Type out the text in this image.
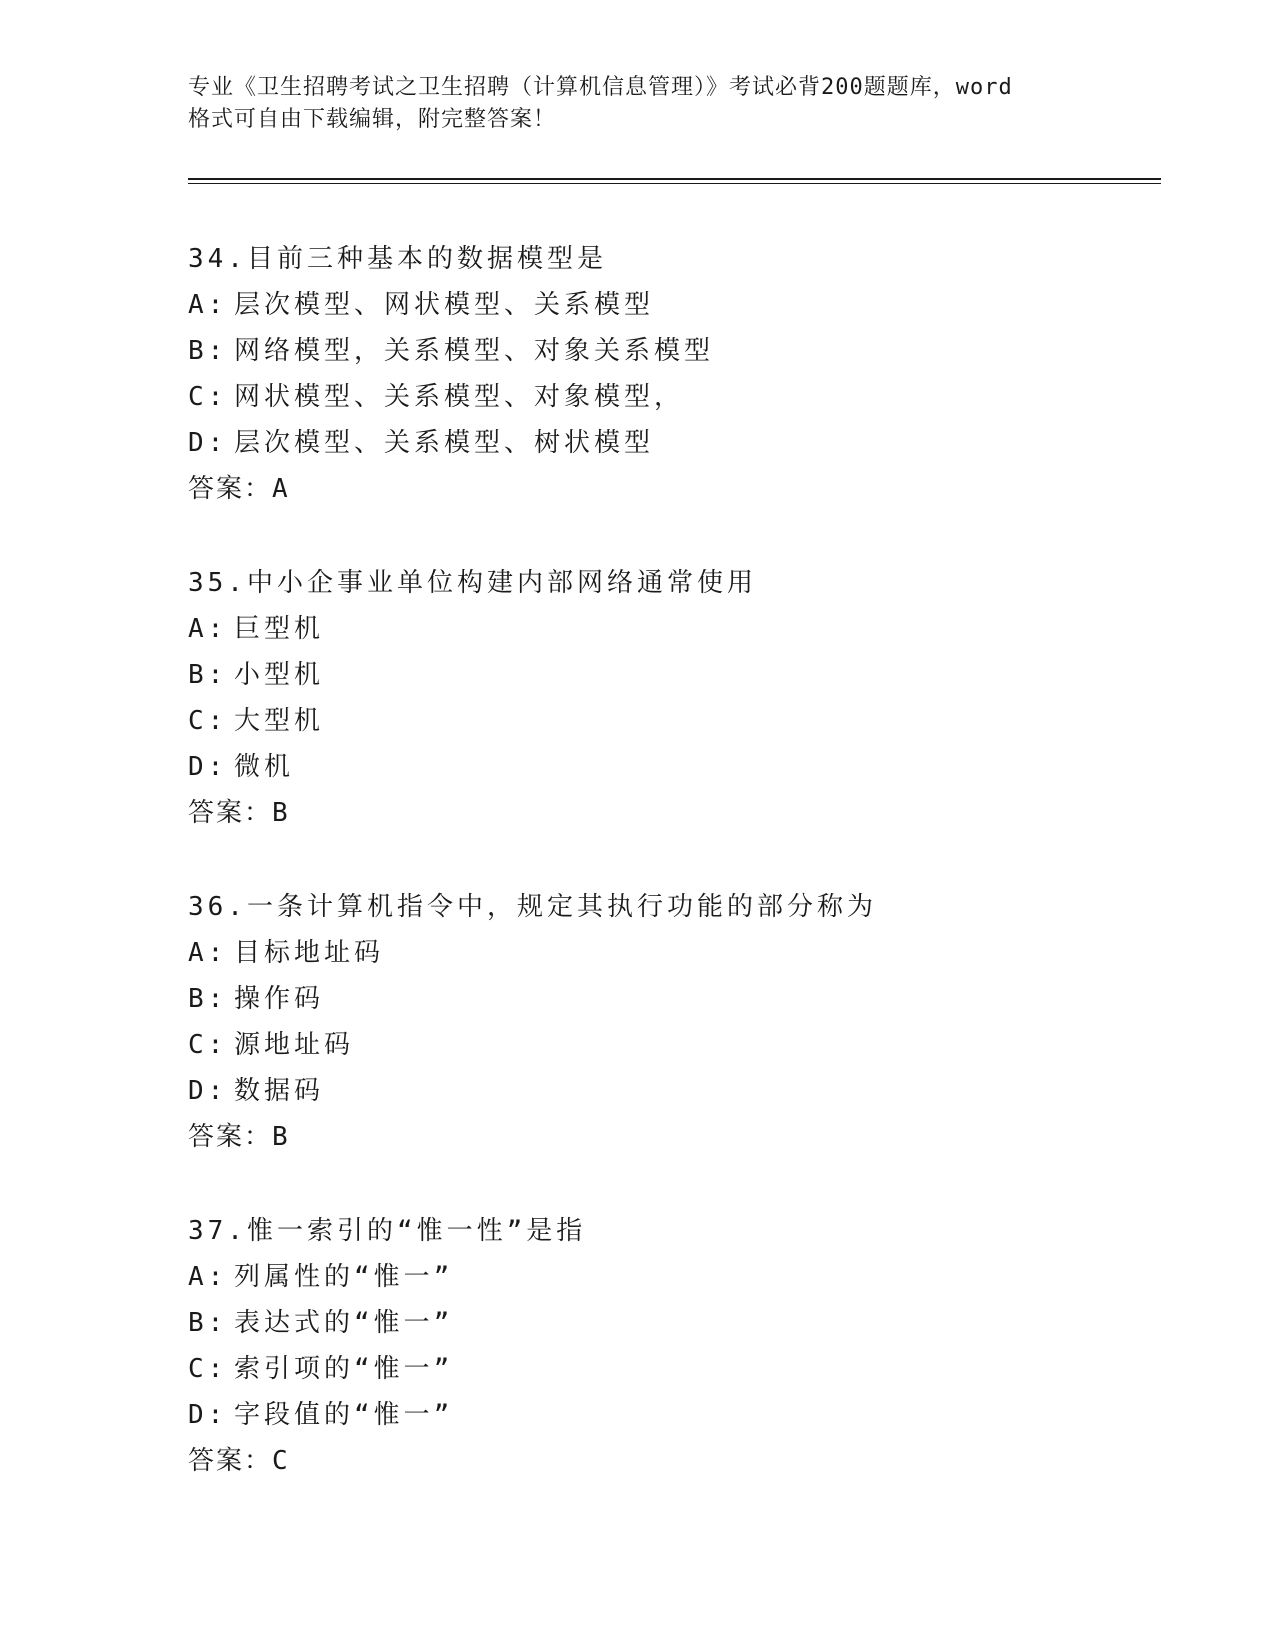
专业《卫生招聘考试之卫生招聘（计算机信息管理）》考试必背200题题库，word
格式可自由下载编辑，附完整答案！
34.目前三种基本的数据模型是
A: 层次模型、网状模型、关系模型
B: 网络模型，关系模型、对象关系模型
C: 网状模型、关系模型、对象模型，
D: 层次模型、关系模型、树状模型
答案：A
35.中小企事业单位构建内部网络通常使用
A: 巨型机
B: 小型机
C: 大型机
D: 微机
答案：B
36.一条计算机指令中，规定其执行功能的部分称为
A: 目标地址码
B: 操作码
C: 源地址码
D: 数据码
答案：B
37.惟一索引的“惟一性”是指
A: 列属性的“惟一”
B: 表达式的“惟一”
C: 索引项的“惟一”
D: 字段值的“惟一”
答案：C
